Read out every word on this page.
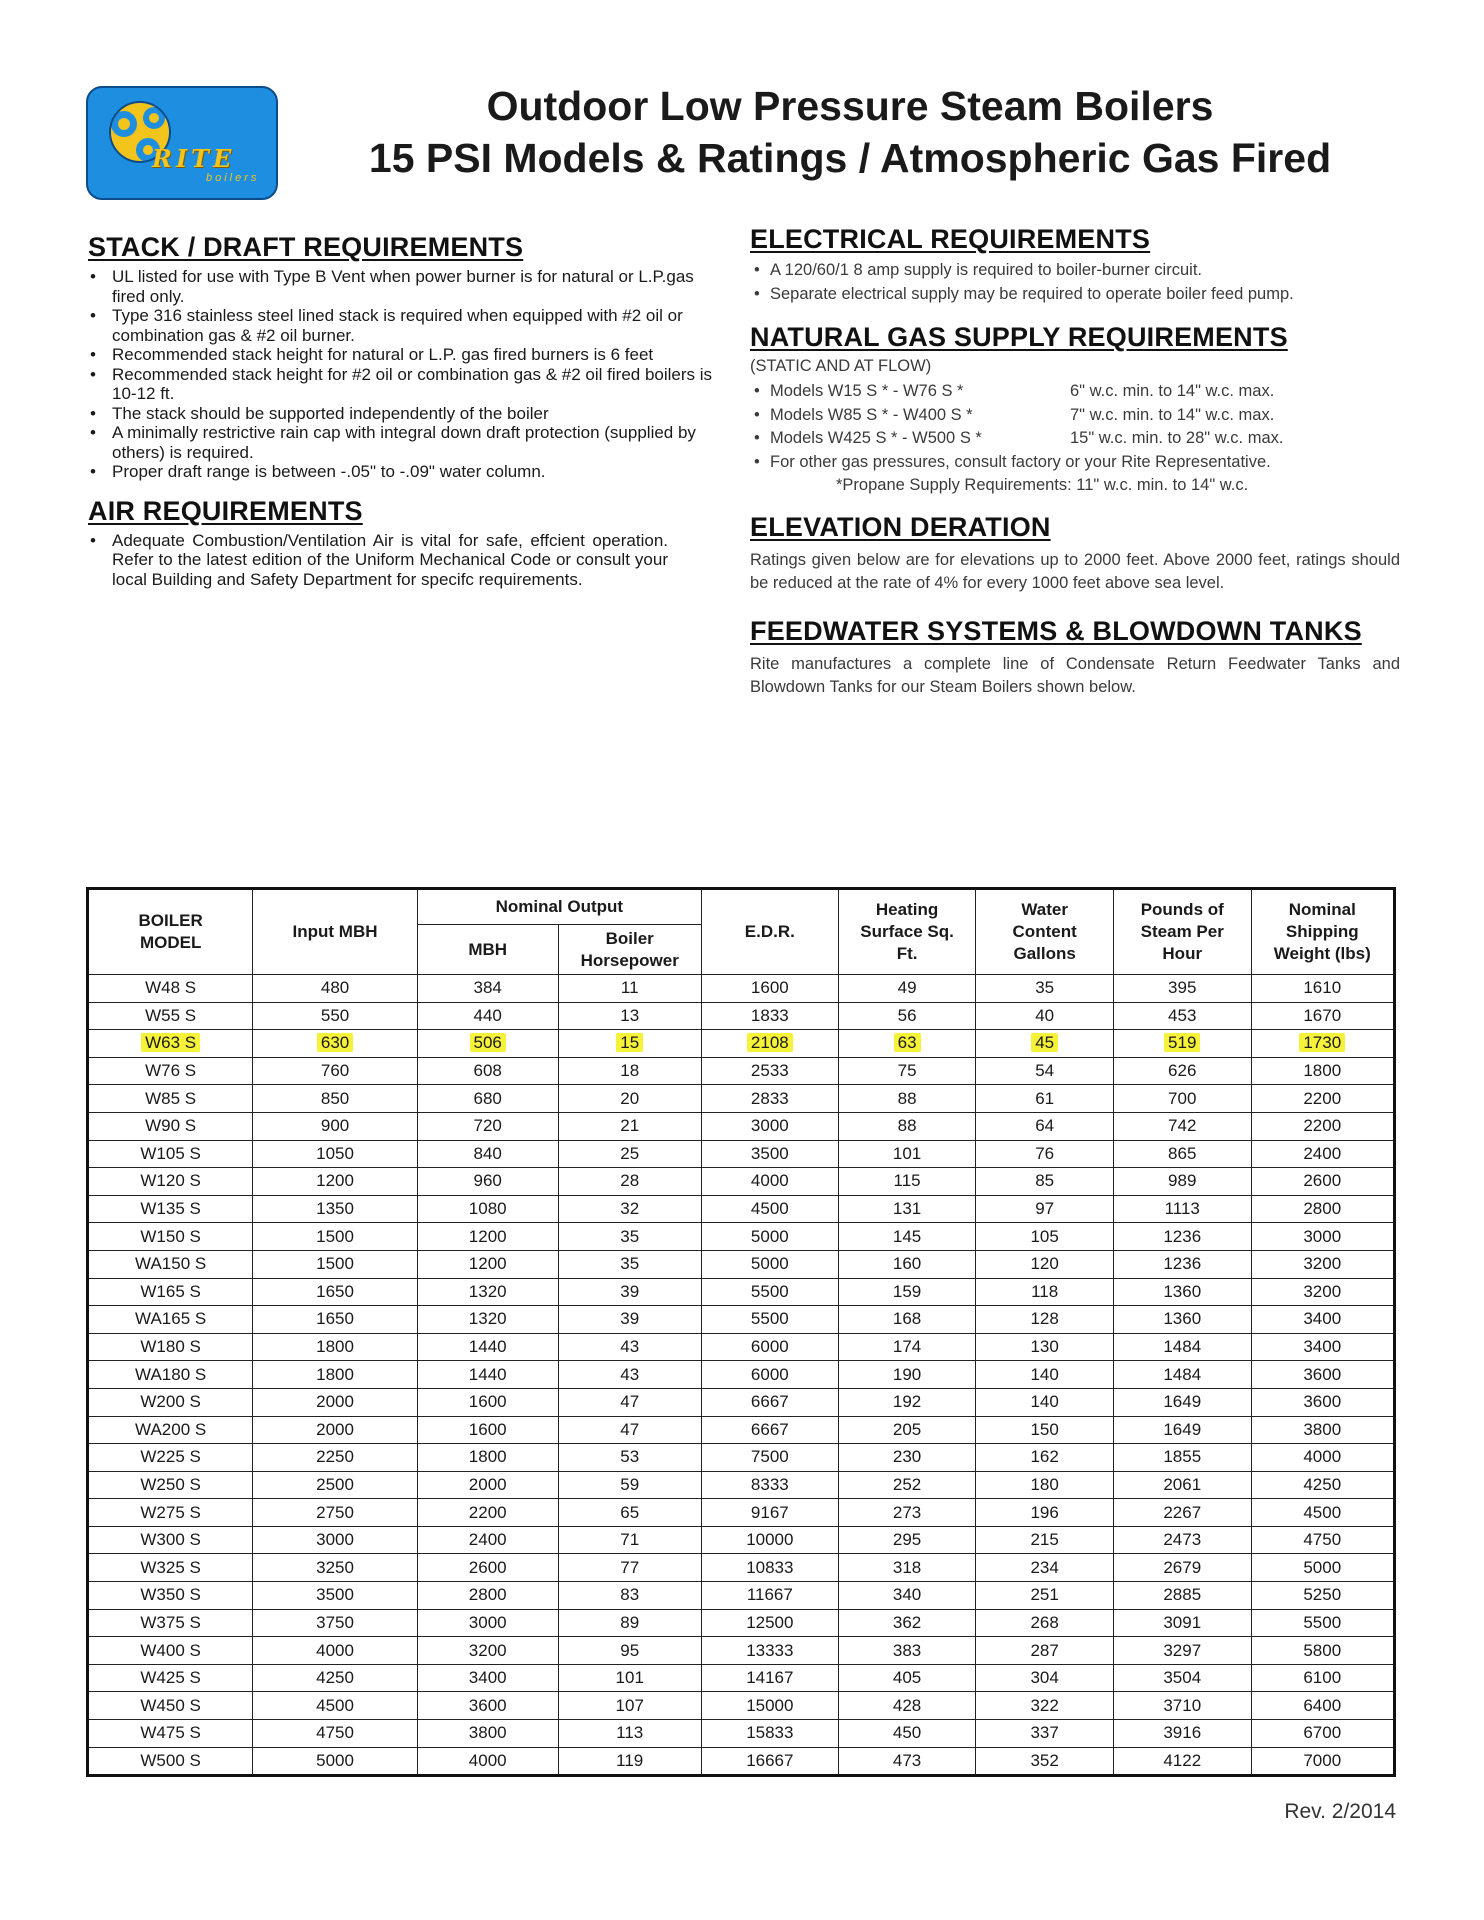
RITE
boilers
Outdoor Low Pressure Steam Boilers
15 PSI Models & Ratings / Atmospheric Gas Fired
STACK / DRAFT REQUIREMENTS
• UL listed for use with Type B Vent when power burner is for natural or L.P.gas fired only.
• Type 316 stainless steel lined stack is required when equipped with #2 oil or combination gas & #2 oil burner.
• Recommended stack height for natural or L.P. gas fired burners is 6 feet
• Recommended stack height for #2 oil or combination gas & #2 oil fired boilers is 10-12 ft.
• The stack should be supported independently of the boiler
• A minimally restrictive rain cap with integral down draft protection (supplied by others) is required.
• Proper draft range is between -.05" to -.09" water column.
AIR REQUIREMENTS
• Adequate Combustion/Ventilation Air is vital for safe, effcient operation. Refer to the latest edition of the Uniform Mechanical Code or consult your local Building and Safety Department for specifc requirements.
ELECTRICAL REQUIREMENTS
• A 120/60/1 8 amp supply is required to boiler-burner circuit.
• Separate electrical supply may be required to operate boiler feed pump.
NATURAL GAS SUPPLY REQUIREMENTS
(STATIC AND AT FLOW)
• Models W15 S * - W76 S *	6" w.c. min. to 14" w.c. max.
• Models W85 S * - W400 S *	7" w.c. min. to 14" w.c. max.
• Models W425 S * - W500 S *	15" w.c. min. to 28" w.c. max.
• For other gas pressures, consult factory or your Rite Representative.
*Propane Supply Requirements: 11" w.c. min. to 14" w.c.
ELEVATION DERATION
Ratings given below are for elevations up to 2000 feet. Above 2000 feet, ratings should be reduced at the rate of 4% for every 1000 feet above sea level.
FEEDWATER SYSTEMS & BLOWDOWN TANKS
Rite manufactures a complete line of Condensate Return Feedwater Tanks and Blowdown Tanks for our Steam Boilers shown below.
BOILER MODEL	Input MBH	Nominal Output		E.D.R.	Heating Surface Sq. Ft.	Water Content Gallons	Pounds of Steam Per Hour	Nominal Shipping Weight (lbs)
		MBH	Boiler Horsepower					
W48 S	480	384	11	1600	49	35	395	1610
W55 S	550	440	13	1833	56	40	453	1670
W63 S	630	506	15	2108	63	45	519	1730
W76 S	760	608	18	2533	75	54	626	1800
W85 S	850	680	20	2833	88	61	700	2200
W90 S	900	720	21	3000	88	64	742	2200
W105 S	1050	840	25	3500	101	76	865	2400
W120 S	1200	960	28	4000	115	85	989	2600
W135 S	1350	1080	32	4500	131	97	1113	2800
W150 S	1500	1200	35	5000	145	105	1236	3000
WA150 S	1500	1200	35	5000	160	120	1236	3200
W165 S	1650	1320	39	5500	159	118	1360	3200
WA165 S	1650	1320	39	5500	168	128	1360	3400
W180 S	1800	1440	43	6000	174	130	1484	3400
WA180 S	1800	1440	43	6000	190	140	1484	3600
W200 S	2000	1600	47	6667	192	140	1649	3600
WA200 S	2000	1600	47	6667	205	150	1649	3800
W225 S	2250	1800	53	7500	230	162	1855	4000
W250 S	2500	2000	59	8333	252	180	2061	4250
W275 S	2750	2200	65	9167	273	196	2267	4500
W300 S	3000	2400	71	10000	295	215	2473	4750
W325 S	3250	2600	77	10833	318	234	2679	5000
W350 S	3500	2800	83	11667	340	251	2885	5250
W375 S	3750	3000	89	12500	362	268	3091	5500
W400 S	4000	3200	95	13333	383	287	3297	5800
W425 S	4250	3400	101	14167	405	304	3504	6100
W450 S	4500	3600	107	15000	428	322	3710	6400
W475 S	4750	3800	113	15833	450	337	3916	6700
W500 S	5000	4000	119	16667	473	352	4122	7000
Rev. 2/2014
